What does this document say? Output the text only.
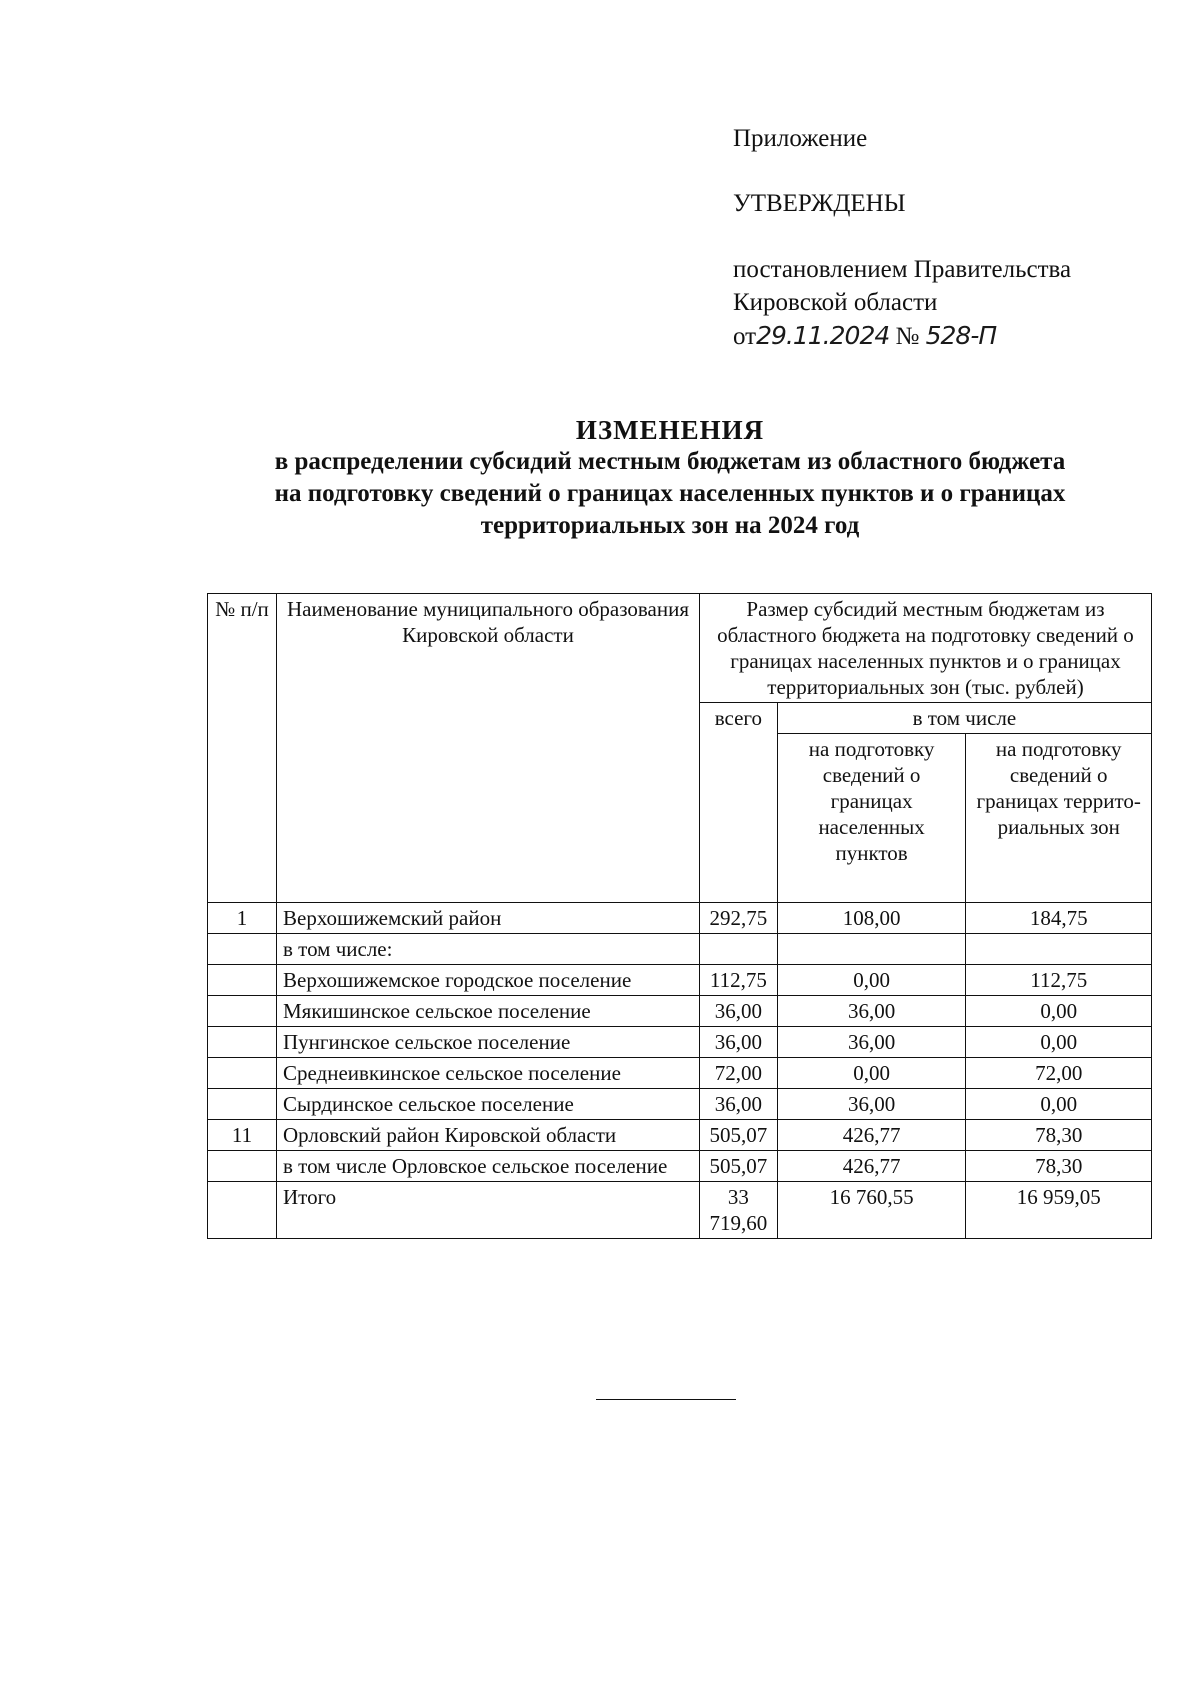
Приложение
УТВЕРЖДЕНЫ
постановлением Правительства
Кировской области
от29.11.2024 № 528-П
ИЗМЕНЕНИЯ
в распределении субсидий местным бюджетам из областного бюджета
на подготовку сведений о границах населенных пунктов и о границах
территориальных зон на 2024 год
№ п/п	Наименование муниципального образования Кировской области	Размер субсидий местным бюджетам из областного бюджета на подготовку сведений о границах населенных пунктов и о границах территориальных зон (тыс. рублей)		
		всего	в том числе	
			на подготовку сведений о границах населенных пунктов	на подготовку сведений о границах террито-риальных зон
1	Верхошижемский район	292,75	108,00	184,75
	в том числе:			
	Верхошижемское городское поселение	112,75	0,00	112,75
	Мякишинское сельское поселение	36,00	36,00	0,00
	Пунгинское сельское поселение	36,00	36,00	0,00
	Среднеивкинское сельское поселение	72,00	0,00	72,00
	Сырдинское сельское поселение	36,00	36,00	0,00
11	Орловский район Кировской области	505,07	426,77	78,30
	в том числе Орловское сельское поселение	505,07	426,77	78,30
	Итого	33 719,60	16 760,55	16 959,05
